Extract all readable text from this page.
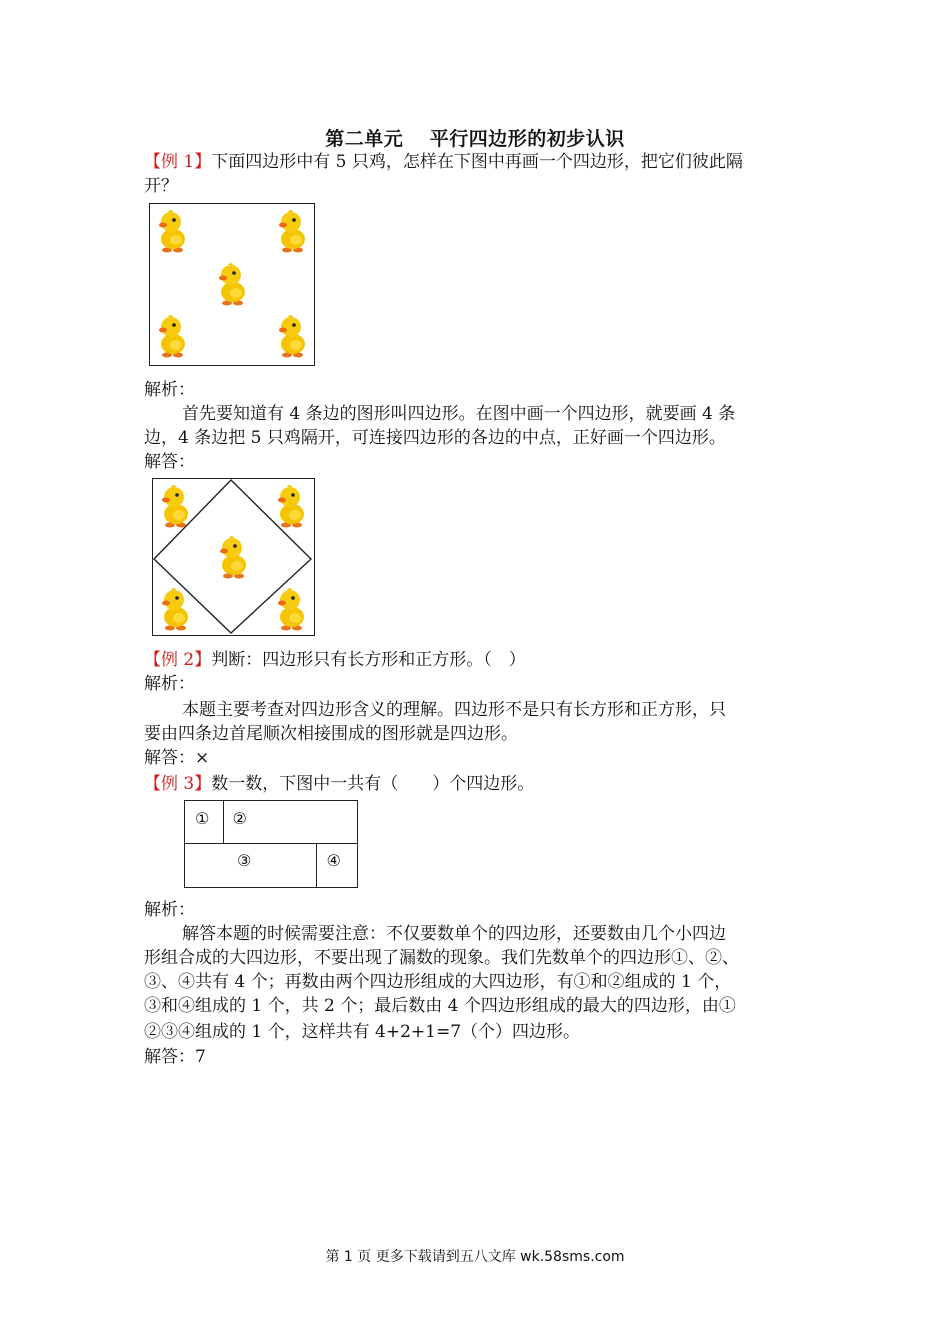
第二单元　 平行四边形的初步认识
【例 1】下面四边形中有 5 只鸡，怎样在下图中再画一个四边形，把它们彼此隔
开？
解析：
首先要知道有 4 条边的图形叫四边形。在图中画一个四边形，就要画 4 条
边，4 条边把 5 只鸡隔开，可连接四边形的各边的中点，正好画一个四边形。
解答：
【例 2】判断：四边形只有长方形和正方形。（　）
解析：
本题主要考查对四边形含义的理解。四边形不是只有长方形和正方形，只
要由四条边首尾顺次相接围成的图形就是四边形。
解答：×
【例 3】数一数，下图中一共有（　　）个四边形。
①	②
③	④
解析：
解答本题的时候需要注意：不仅要数单个的四边形，还要数由几个小四边
形组合成的大四边形，不要出现了漏数的现象。我们先数单个的四边形①、②、
③、④共有 4 个；再数由两个四边形组成的大四边形，有①和②组成的 1 个，
③和④组成的 1 个，共 2 个；最后数由 4 个四边形组成的最大的四边形，由①
②③④组成的 1 个，这样共有 4+2+1=7（个）四边形。
解答：7
第 1 页 更多下载请到五八文库 wk.58sms.com
